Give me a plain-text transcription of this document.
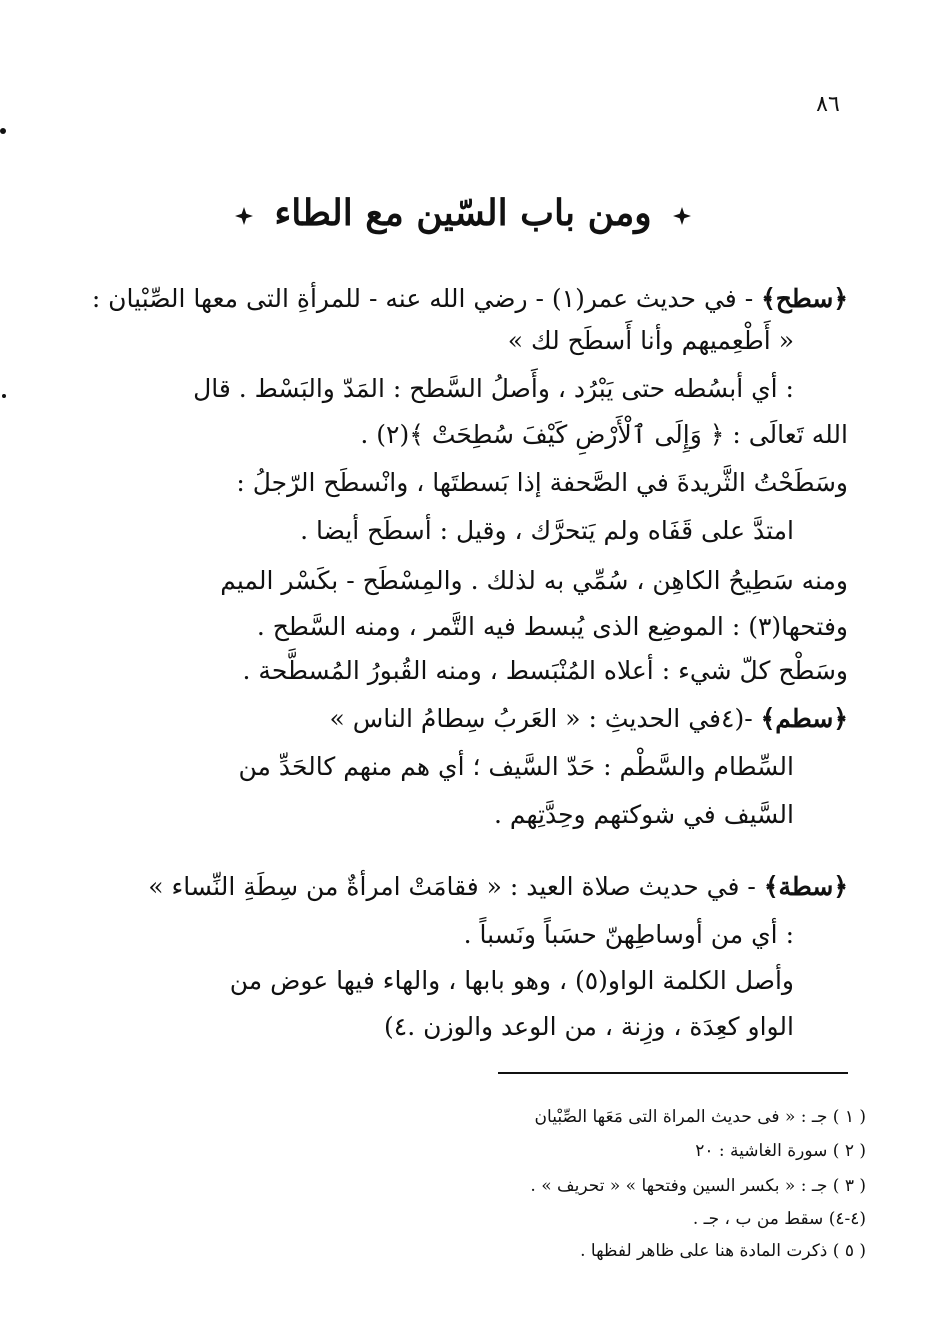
٨٦
ومن باب السّين مع الطاء
﴿سطح﴾ - في حديث عمر(١) - رضي الله عنه - للمرأةِ التى معها الصِّبْيان :
« أَطْعِميهم وأنا أَسطَح لك »
: أي أبسُطه حتى يَبْرُد ، وأَصلُ السَّطح : المَدّ والبَسْط . قال
الله تَعالَى : ﴿ وَإِلَى ٱلْأَرْضِ كَيْفَ سُطِحَتْ ﴾(٢) .
وسَطَحْتُ الثَّريدةَ في الصَّحفة إذا بَسطتَها ، وانْسطَح الرّجلُ :
امتدَّ على قَفَاه ولم يَتحرَّك ، وقيل : أسطَح أيضا .
ومنه سَطِيحُ الكاهِن ، سُمِّي به لذلك . والمِسْطَح - بكَسْر الميم
وفتحها(٣) : الموضِع الذى يُبسط فيه التَّمر ، ومنه السَّطح .
وسَطْح كلّ شيء : أعلاه المُنْبَسط ، ومنه القُبورُ المُسطَّحة .
﴿سطم﴾ -(٤في الحديثِ : « العَربُ سِطامُ الناس »
السِّطام والسَّطْم : حَدّ السَّيف ؛ أي هم منهم كالحَدِّ من
السَّيف في شوكتهم وحِدَّتِهم .
﴿سطة﴾ - في حديث صلاة العيد : « فقامَتْ امرأةٌ من سِطَةِ النِّساء »
: أي من أوساطِهنّ حسَباً ونَسباً .
وأصل الكلمة الواو(٥) ، وهو بابها ، والهاء فيها عوض من
الواو كعِدَة ، وزِنة ، من الوعد والوزن .٤)
( ١ ) جـ : « فى حديث المراة التى مَعَها الصِّبْيان
( ٢ ) سورة الغاشية : ٢٠
( ٣ ) جـ : « بكسر السين وفتحها » « تحريف » .
(٤-٤) سقط من ب ، جـ .
( ٥ ) ذكرت المادة هنا على ظاهر لفظها .
